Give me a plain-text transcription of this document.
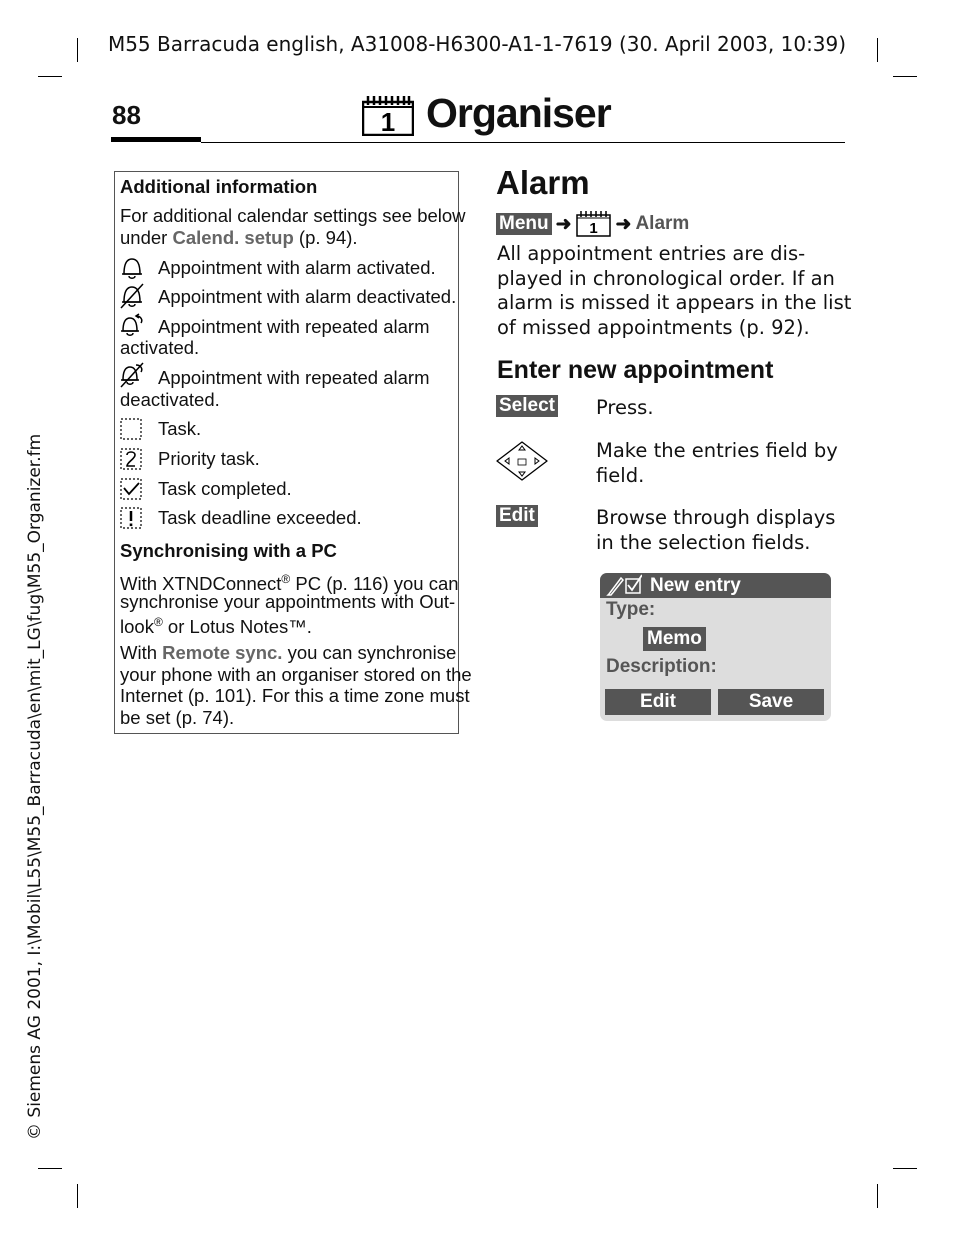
M55 Barracuda english, A31008-H6300-A1-1-7619 (30. April 2003, 10:39)
88	1 Organiser
© Siemens AG 2001, I:\Mobil\L55\M55_Barracuda\en\mit_LG\fug\M55_Organizer.fm
Additional information
For additional calendar settings see below
under Calend. setup (p. 94).
Appointment with alarm activated.
Appointment with alarm deactivated.
Appointment with repeated alarm
activated.
Appointment with repeated alarm
deactivated.
Task.
Priority task.
Task completed.
Task deadline exceeded.
Synchronising with a PC
With XTNDConnect® PC (p. 116) you can
synchronise your appointments with Out-
look® or Lotus Notes™.
With Remote sync. you can synchronise
your phone with an organiser stored on the
Internet (p. 101). For this a time zone must
be set (p. 74).
Alarm
Menu ➜ 1 ➜ Alarm
All appointment entries are dis-
played in chronological order. If an
alarm is missed it appears in the list
of missed appointments (p. 92).
Enter new appointment
Select Press.
Make the entries field by
field.
Edit	Browse through displays
in the selection fields.
New entry
Type:
Memo
Description:
Edit	Save
